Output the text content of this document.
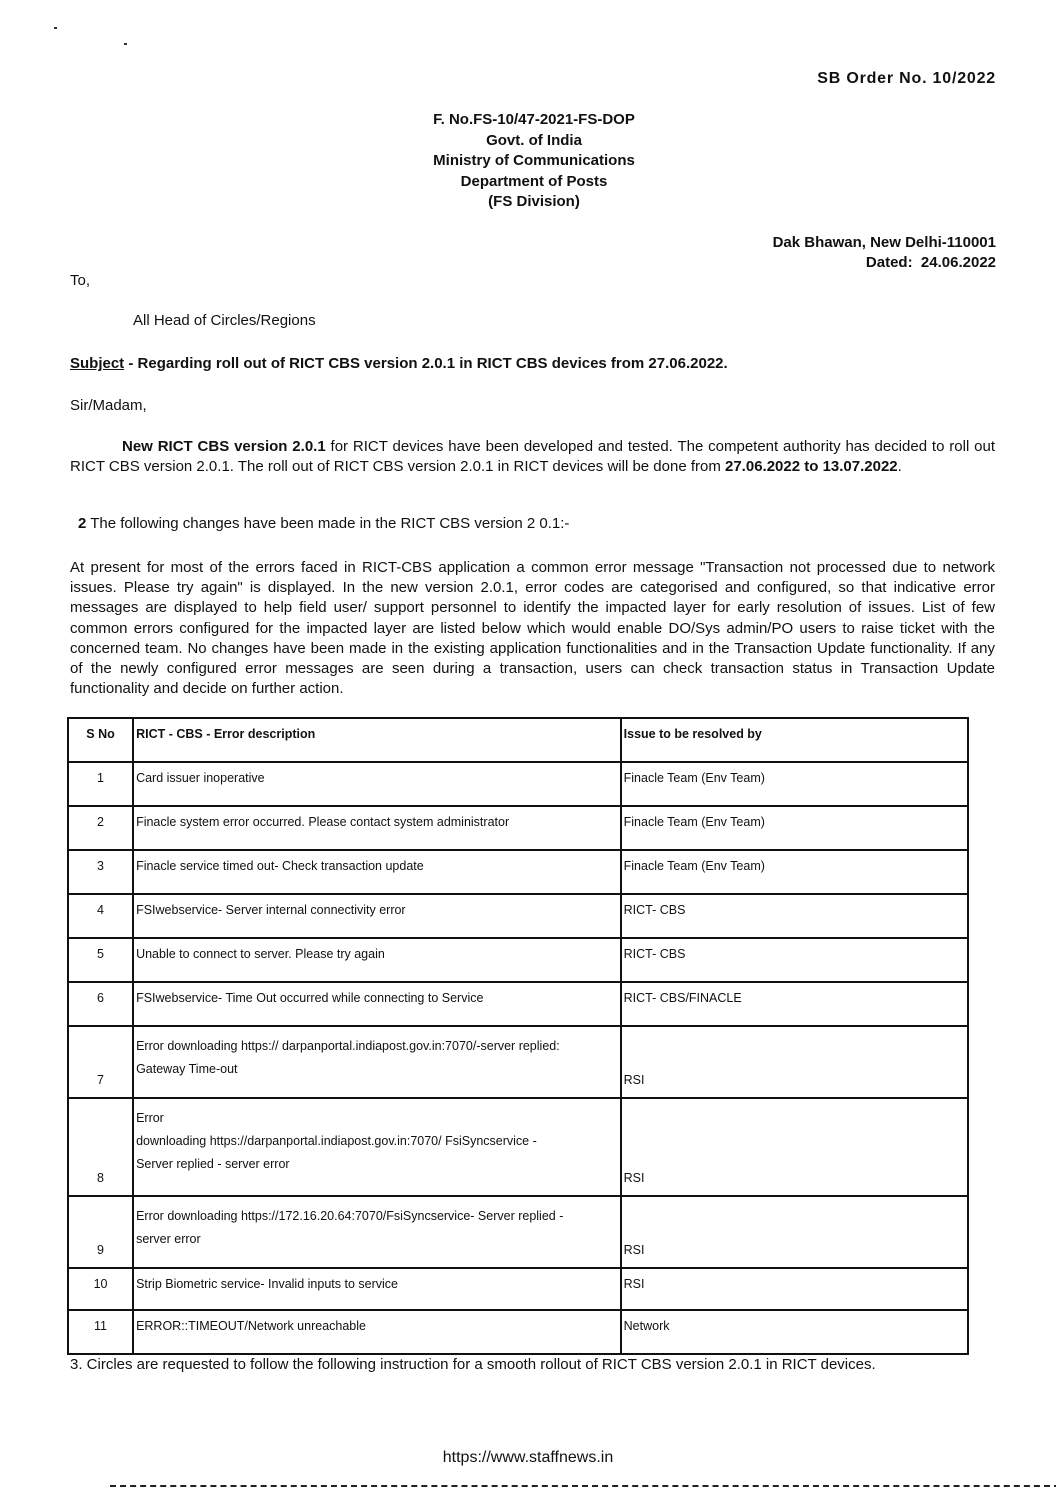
SB Order No. 10/2022
F. No.FS-10/47-2021-FS-DOP
Govt. of India
Ministry of Communications
Department of Posts
(FS Division)
Dak Bhawan, New Delhi-110001
Dated:  24.06.2022
To,
All Head of Circles/Regions
Subject - Regarding roll out of RICT CBS version 2.0.1 in RICT CBS devices from 27.06.2022.
Sir/Madam,
New RICT CBS version 2.0.1 for RICT devices have been developed and tested. The competent authority has decided to roll out RICT CBS version 2.0.1. The roll out of RICT CBS version 2.0.1 in RICT devices will be done from 27.06.2022 to 13.07.2022.
2 The following changes have been made in the RICT CBS version 2 0.1:-
At present for most of the errors faced in RICT-CBS application a common error message "Transaction not processed due to network issues. Please try again" is displayed. In the new version 2.0.1, error codes are categorised and configured, so that indicative error messages are displayed to help field user/ support personnel to identify the impacted layer for early resolution of issues. List of few common errors configured for the impacted layer are listed below which would enable DO/Sys admin/PO users to raise ticket with the concerned team. No changes have been made in the existing application functionalities and in the Transaction Update functionality. If any of the newly configured error messages are seen during a transaction, users can check transaction status in Transaction Update functionality and decide on further action.
S No	RICT - CBS - Error description	Issue to be resolved by
1	Card issuer inoperative	Finacle Team (Env Team)
2	Finacle system error occurred. Please contact system administrator	Finacle Team (Env Team)
3	Finacle service timed out- Check transaction update	Finacle Team (Env Team)
4	FSIwebservice- Server internal connectivity error	RICT- CBS
5	Unable to connect to server. Please try again	RICT- CBS
6	FSIwebservice- Time Out occurred while connecting to Service	RICT- CBS/FINACLE
7	Error downloading https:// darpanportal.indiapost.gov.in:7070/-server replied:
Gateway Time-out	RSI
8	Error
downloading https://darpanportal.indiapost.gov.in:7070/ FsiSyncservice -
Server replied - server error	RSI
9	Error downloading https://172.16.20.64:7070/FsiSyncservice- Server replied -
server error	RSI
10	Strip Biometric service- Invalid inputs to service	RSI
11	ERROR::TIMEOUT/Network unreachable	Network
3. Circles are requested to follow the following instruction for a smooth rollout of RICT CBS version 2.0.1 in RICT devices.
https://www.staffnews.in
